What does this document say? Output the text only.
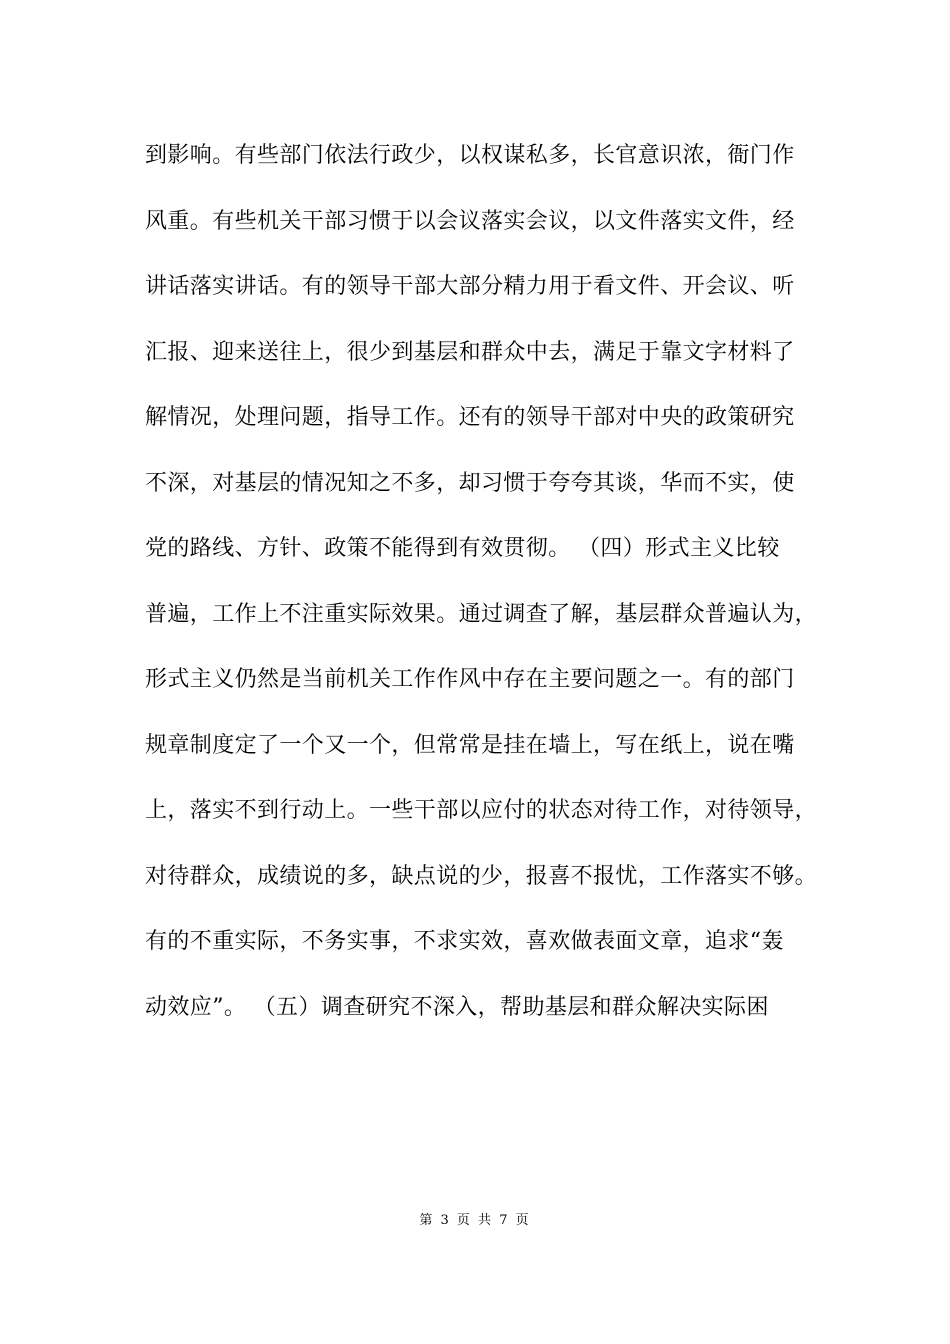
到影响。有些部门依法行政少，以权谋私多，长官意识浓，衙门作
风重。有些机关干部习惯于以会议落实会议，以文件落实文件，经
讲话落实讲话。有的领导干部大部分精力用于看文件、开会议、听
汇报、迎来送往上，很少到基层和群众中去，满足于靠文字材料了
解情况，处理问题，指导工作。还有的领导干部对中央的政策研究
不深，对基层的情况知之不多，却习惯于夸夸其谈，华而不实，使
党的路线、方针、政策不能得到有效贯彻。 （四）形式主义比较
普遍，工作上不注重实际效果。通过调查了解，基层群众普遍认为，
形式主义仍然是当前机关工作作风中存在主要问题之一。有的部门
规章制度定了一个又一个，但常常是挂在墙上，写在纸上，说在嘴
上，落实不到行动上。一些干部以应付的状态对待工作，对待领导，
对待群众，成绩说的多，缺点说的少，报喜不报忧，工作落实不够。
有的不重实际，不务实事，不求实效，喜欢做表面文章，追求“轰
动效应”。 （五）调查研究不深入，帮助基层和群众解决实际困
第 3 页 共 7 页
